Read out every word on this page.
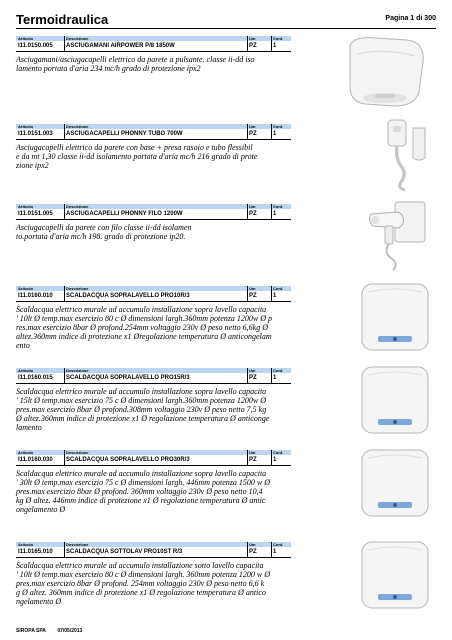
Termoidraulica	Pagina 1 di 300
Articolo	Descrizione	Um	Conf.
I11.0150.005 ASCIUGAMANI AIRPOWER P/8 1850W	PZ	1
Asciugamani/asciugacapelli elettrico da parete a pulsante. classe ii-dd iso
lamento portata d'aria 234 mc/h grado di protezione ipx2
Articolo	Descrizione	Um	Conf.
I11.0151.003 ASCIUGACAPELLI PHONNY TUBO 700W	PZ	1
Asciugacapelli elettrico da parete con base + presa rasoio e tubo flessibil
e da mt 1,30 classe ii-dd isolamento portata d'aria mc/h 216 grado di prote
zione ipx2
Articolo	Descrizione	Um	Conf.
I11.0151.005 ASCIUGACAPELLI PHONNY FILO 1200W	PZ	1
Asciugacapelli da parete con filo classe ii-dd isolamen
to.portata d'aria mc/h 198. grado di protezione ip20.
Articolo	Descrizione	Um	Conf.
I11.0160.010 SCALDACQUA SOPRALAVELLO PRO10R/3	PZ	1
Scaldacqua elettrico murale ad accumulo installazione sopra lavello capacita
' 10lt Ø temp.max esercizio 80 c Ø dimensioni largh.360mm potenza 1200w Ø p
res.max esercizio 8bar Ø profond.254mm voltaggio 230v Ø peso netto 6,6kg Ø
altez.360mm indice di protezione x1 Øregolazione temperatura Ø anticongelam
ento
Articolo	Descrizione	Um	Conf.
I11.0160.015 SCALDACQUA SOPRALAVELLO PRO15R/3	PZ	1
Scaldacqua elettrico murale ad accumulo installazione sopra lavello capacita
' 15lt Ø temp.max esercizio 75 c Ø dimensioni largh.360mm potenza 1200w Ø
pres.max esercizio 8bar Ø profond.308mm voltaggio 230v Ø peso netto 7,5 kg
Ø altez.360mm indice di protezione x1 Ø regolazione temperatura Ø anticonge
lamento
Articolo	Descrizione	Um	Conf.
I11.0160.030 SCALDACQUA SOPRALAVELLO PRO30R/3	PZ	1
Scaldacqua elettrico murale ad accumulo installazione sopra lavello capacita
' 30lt Ø temp.max esercizio 75 c Ø dimensioni largh. 446mm potenza 1500 w Ø
pres.max esercizio 8bar Ø profond. 360mm voltaggio 230v Ø peso netto 10,4
kg Ø altez. 446mm indice di protezione x1 Ø regolazione temperatura Ø antic
ongelamento Ø
Articolo	Descrizione	Um	Conf.
I11.0165.010 SCALDACQUA SOTTOLAV PRO10ST R/3	PZ	1
Scaldacqua elettrico murale ad accumulo installazione sotto lavello capacita
' 10lt Ø temp.max esercizio 80 c Ø dimensioni largh. 360mm potenza 1200 w Ø
pres.max esercizio 8bar Ø profond. 254mm voltaggio 230v Ø peso netto 6,6 k
g Ø altez. 360mm indice di protezione x1 Ø regolazione temperatura Ø antico
ngelamento Ø
SIROPA SPA 07/05/2013
